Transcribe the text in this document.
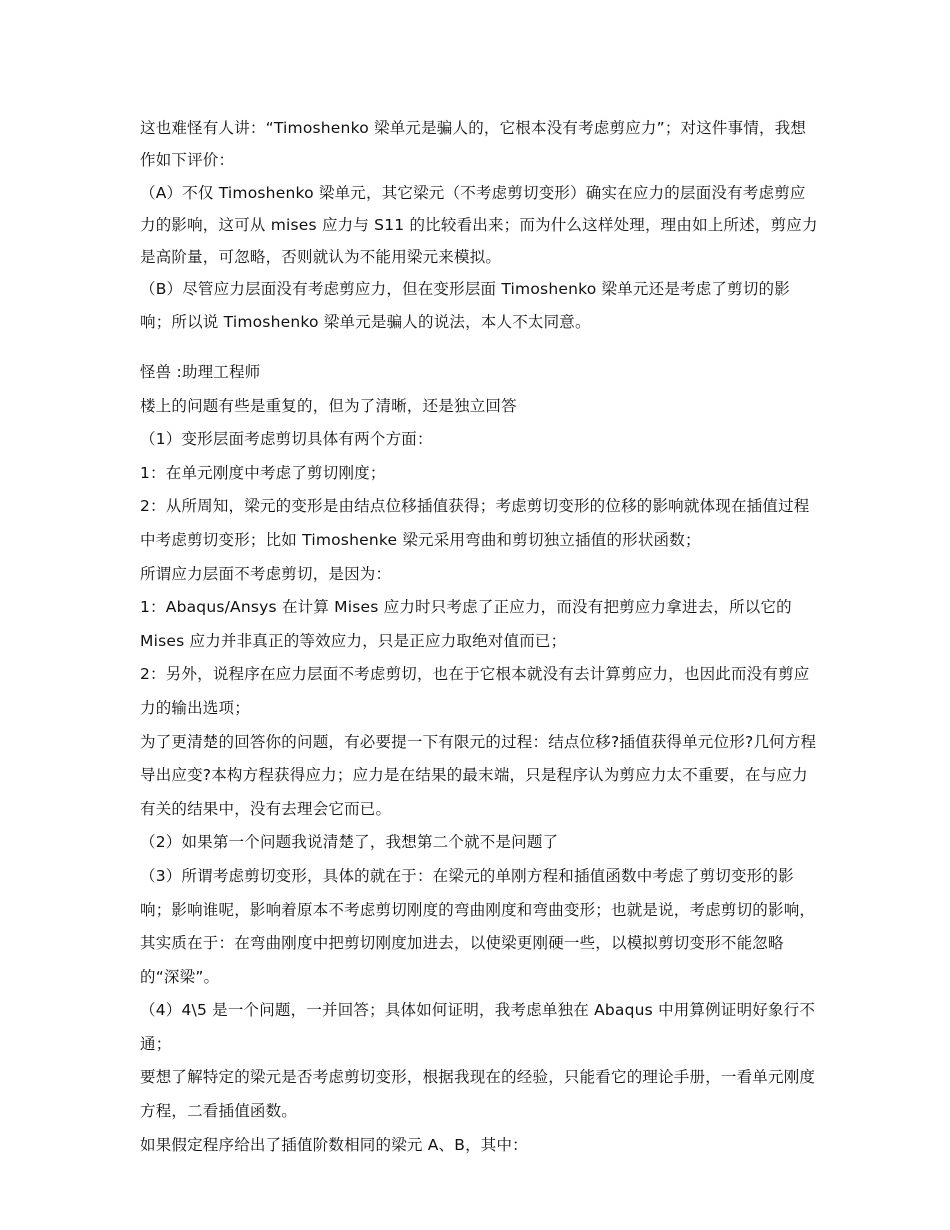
这也难怪有人讲：“Timoshenko 梁单元是骗人的，它根本没有考虑剪应力”；对这件事情，我想作如下评价：

（A）不仅 Timoshenko 梁单元，其它梁元（不考虑剪切变形）确实在应力的层面没有考虑剪应力的影响，这可从 mises 应力与 S11 的比较看出来；而为什么这样处理，理由如上所述，剪应力是高阶量，可忽略，否则就认为不能用梁元来模拟。

（B）尽管应力层面没有考虑剪应力，但在变形层面 Timoshenko 梁单元还是考虑了剪切的影响；所以说 Timoshenko 梁单元是骗人的说法，本人不太同意。

怪兽 :助理工程师

楼上的问题有些是重复的，但为了清晰，还是独立回答

（1）变形层面考虑剪切具体有两个方面：

1：在单元刚度中考虑了剪切刚度；

2：从所周知，梁元的变形是由结点位移插值获得；考虑剪切变形的位移的影响就体现在插值过程中考虑剪切变形；比如 Timoshenke 梁元采用弯曲和剪切独立插值的形状函数；

所谓应力层面不考虑剪切，是因为：

1：Abaqus/Ansys 在计算 Mises 应力时只考虑了正应力，而没有把剪应力拿进去，所以它的 Mises 应力并非真正的等效应力，只是正应力取绝对值而已；

2：另外，说程序在应力层面不考虑剪切，也在于它根本就没有去计算剪应力，也因此而没有剪应力的输出选项；

为了更清楚的回答你的问题，有必要提一下有限元的过程：结点位移?插值获得单元位形?几何方程导出应变?本构方程获得应力；应力是在结果的最末端，只是程序认为剪应力太不重要，在与应力有关的结果中，没有去理会它而已。

（2）如果第一个问题我说清楚了，我想第二个就不是问题了

（3）所谓考虑剪切变形，具体的就在于：在梁元的单刚方程和插值函数中考虑了剪切变形的影响；影响谁呢，影响着原本不考虑剪切刚度的弯曲刚度和弯曲变形；也就是说，考虑剪切的影响，其实质在于：在弯曲刚度中把剪切刚度加进去，以使梁更刚硬一些，以模拟剪切变形不能忽略的“深梁”。

（4）4\5 是一个问题，一并回答；具体如何证明，我考虑单独在 Abaqus 中用算例证明好象行不通；

要想了解特定的梁元是否考虑剪切变形，根据我现在的经验，只能看它的理论手册，一看单元刚度方程，二看插值函数。

如果假定程序给出了插值阶数相同的梁元 A、B，其中：
